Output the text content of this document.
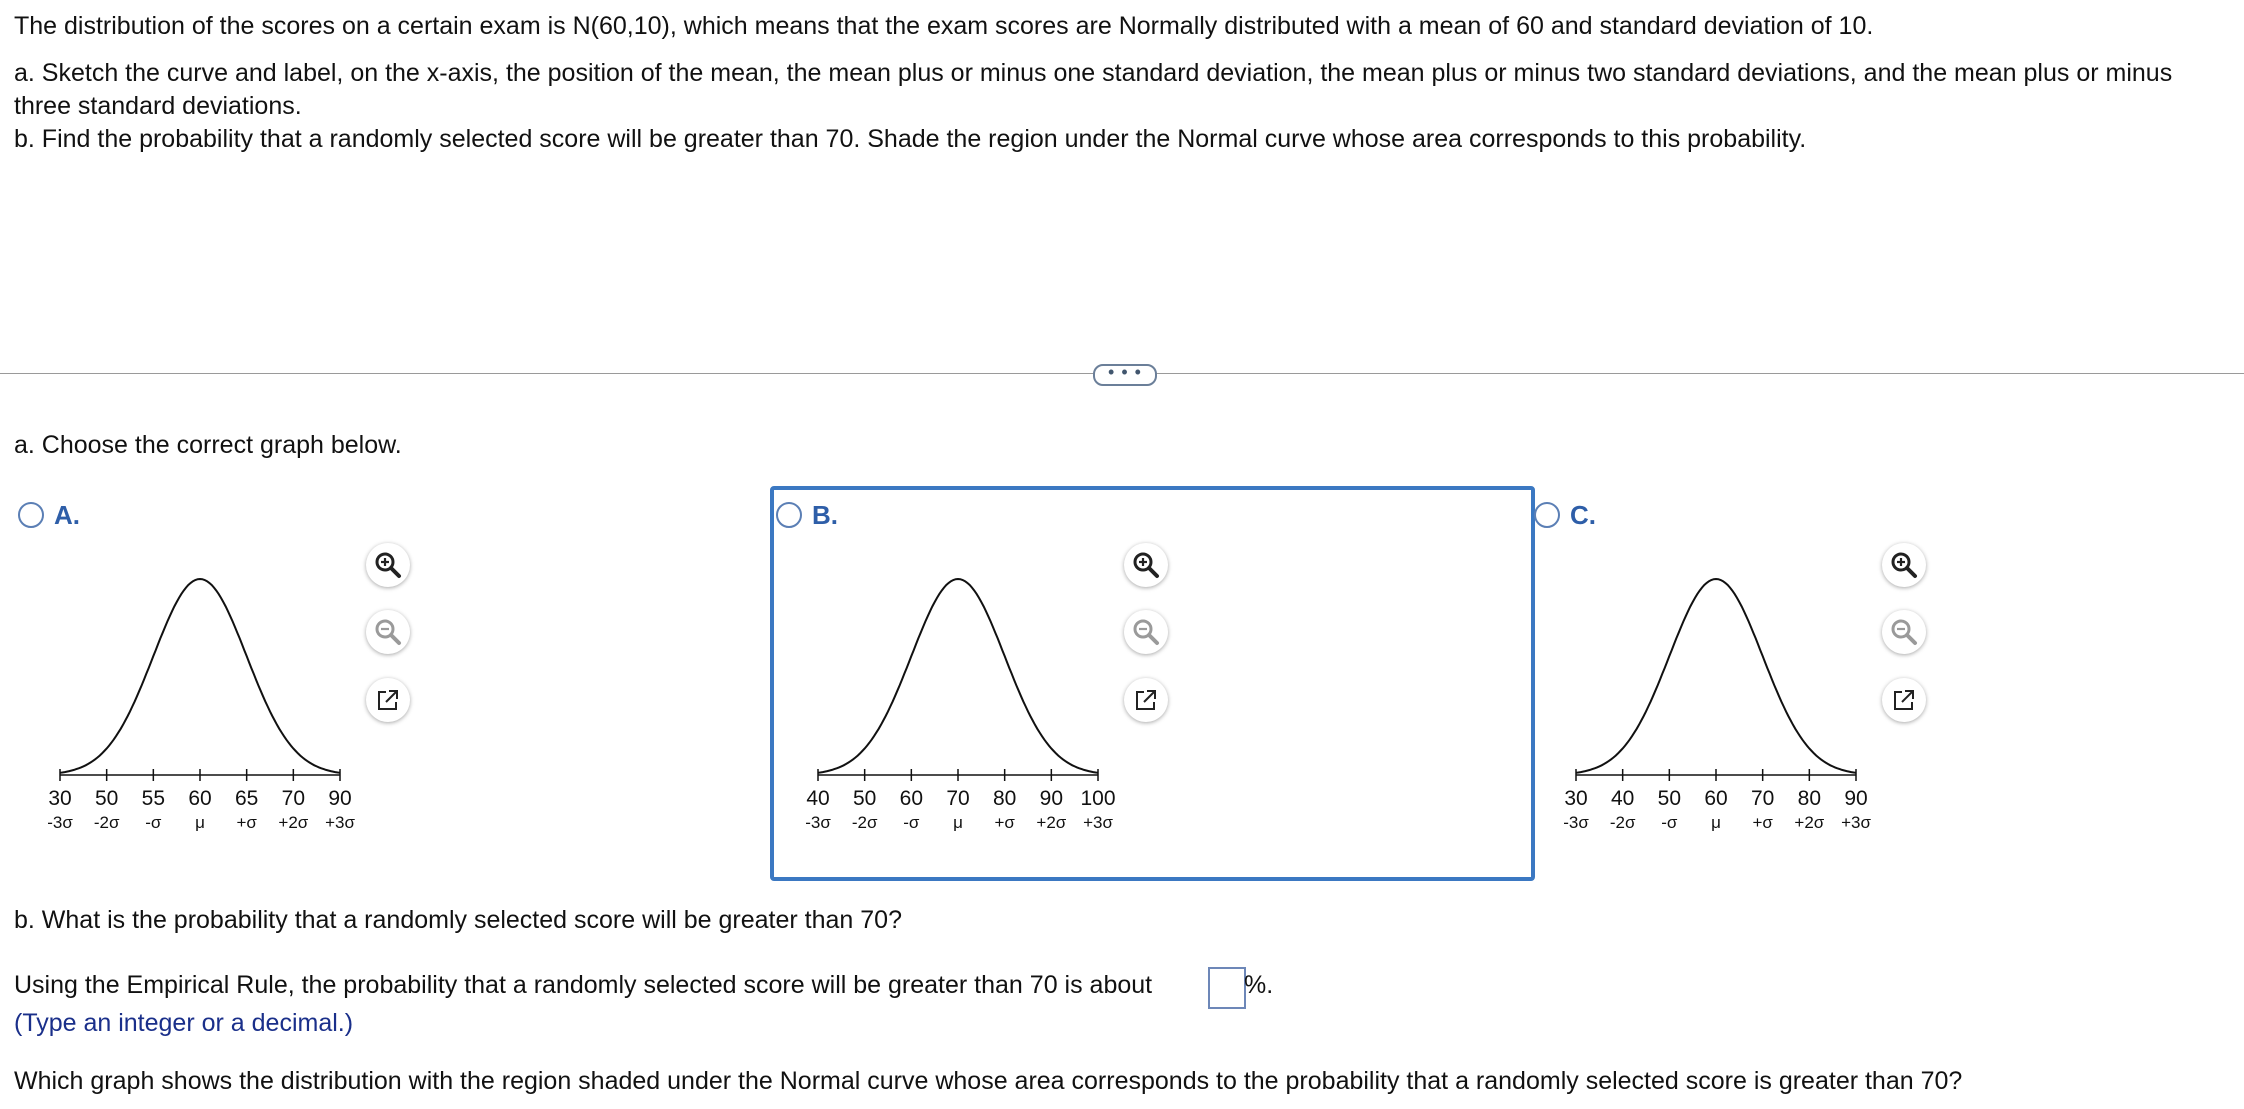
The distribution of the scores on a certain exam is N(60,10), which means that the exam scores are Normally distributed with a mean of 60 and standard deviation of 10.

a. Sketch the curve and label, on the x-axis, the position of the mean, the mean plus or minus one standard deviation, the mean plus or minus two standard deviations, and the mean plus or minus

three standard deviations.

b. Find the probability that a randomly selected score will be greater than 70. Shade the region under the Normal curve whose area corresponds to this probability.

• • •

a. Choose the correct graph below.

A.	B.	C.
30
-3σ
50
-2σ
55
-σ
60
μ
65
+σ
70
+2σ
90
+3σ
40
-3σ
50
-2σ
60
-σ
70
μ
80
+σ
90
+2σ
100
+3σ
30
-3σ
40
-2σ
50
-σ
60
μ
70
+σ
80
+2σ
90
+3σ

b. What is the probability that a randomly selected score will be greater than 70?

Using the Empirical Rule, the probability that a randomly selected score will be greater than 70 is about	%.

(Type an integer or a decimal.)

Which graph shows the distribution with the region shaded under the Normal curve whose area corresponds to the probability that a randomly selected score is greater than 70?
